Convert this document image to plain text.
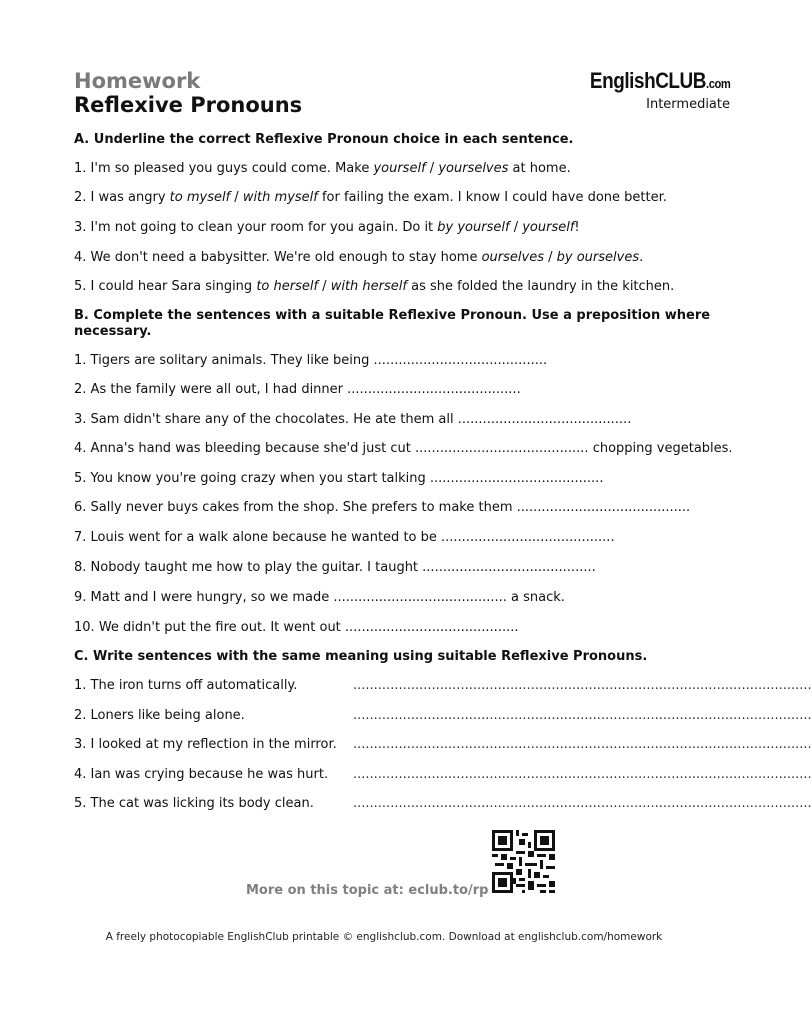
Homework
Reflexive Pronouns
EnglishCLUB.com
Intermediate
A. Underline the correct Reflexive Pronoun choice in each sentence.
1. I'm so pleased you guys could come. Make yourself / yourselves at home.
2. I was angry to myself / with myself for failing the exam. I know I could have done better.
3. I'm not going to clean your room for you again. Do it by yourself / yourself!
4. We don't need a babysitter. We're old enough to stay home ourselves / by ourselves.
5. I could hear Sara singing to herself / with herself as she folded the laundry in the kitchen.
B. Complete the sentences with a suitable Reflexive Pronoun. Use a preposition where necessary.
1. Tigers are solitary animals. They like being ..........................................
2. As the family were all out, I had dinner ..........................................
3. Sam didn't share any of the chocolates. He ate them all ..........................................
4. Anna's hand was bleeding because she'd just cut .......................................... chopping vegetables.
5. You know you're going crazy when you start talking ..........................................
6. Sally never buys cakes from the shop. She prefers to make them ..........................................
7. Louis went for a walk alone because he wanted to be ..........................................
8. Nobody taught me how to play the guitar. I taught ..........................................
9. Matt and I were hungry, so we made .......................................... a snack.
10. We didn't put the fire out. It went out ..........................................
C. Write sentences with the same meaning using suitable Reflexive Pronouns.
1. The iron turns off automatically.	...............................................................................................................
2. Loners like being alone.	...............................................................................................................
3. I looked at my reflection in the mirror. ...............................................................................................................
4. Ian was crying because he was hurt. ...............................................................................................................
5. The cat was licking its body clean.	...............................................................................................................
More on this topic at: eclub.to/rp
A freely photocopiable EnglishClub printable © englishclub.com. Download at englishclub.com/homework
